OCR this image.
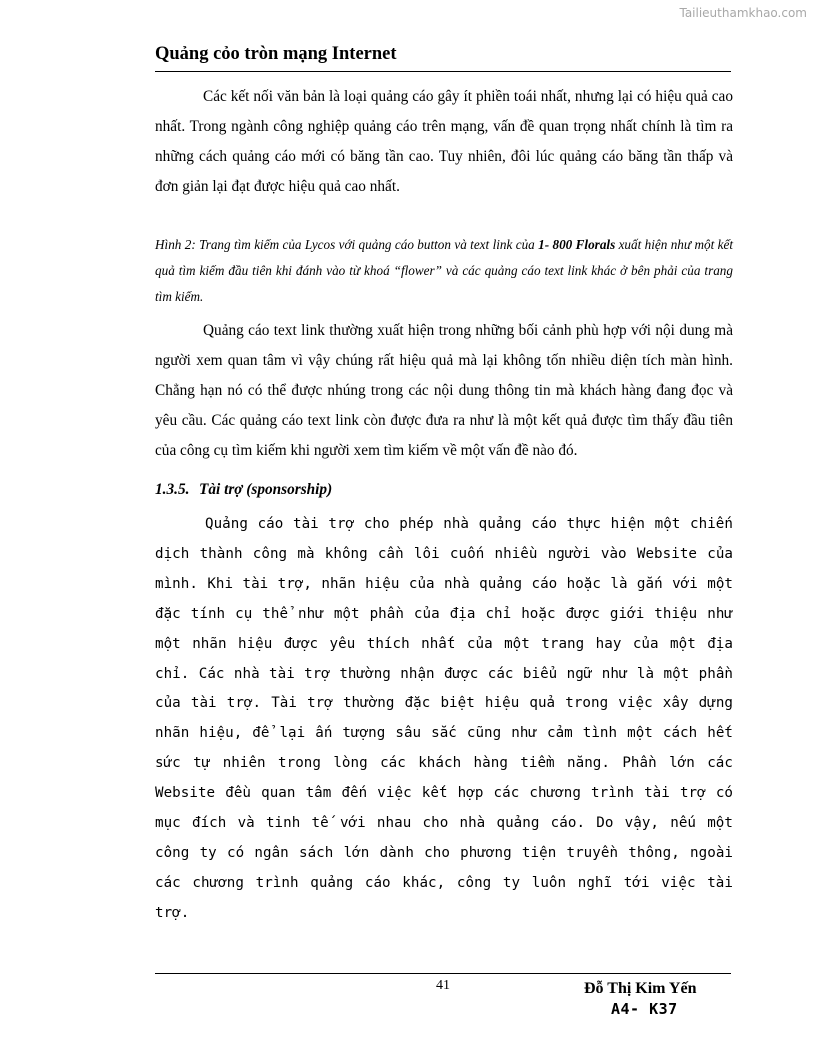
Tailieuthamkhao.com
Quảng cỏo tròn mạng Internet

Các kết nối văn bản là loại quảng cáo gây ít phiền toái nhất, nhưng lại có hiệu quả cao nhất. Trong ngành công nghiệp quảng cáo trên mạng, vấn đề quan trọng nhất chính là tìm ra những cách quảng cáo mới có băng tần cao. Tuy nhiên, đôi lúc quảng cáo băng tần thấp và đơn giản lại đạt được hiệu quả cao nhất.

Hình 2: Trang tìm kiếm của Lycos với quảng cáo button và text link của 1- 800 Florals xuất hiện như một kết quả tìm kiếm đầu tiên khi đánh vào từ khoá “flower” và các quảng cáo text link khác ở bên phải của trang tìm kiếm.

Quảng cáo text link thường xuất hiện trong những bối cảnh phù hợp với nội dung mà người xem quan tâm vì vậy chúng rất hiệu quả mà lại không tốn nhiều diện tích màn hình. Chẳng hạn nó có thể được nhúng trong các nội dung thông tin mà khách hàng đang đọc và yêu cầu. Các quảng cáo text link còn được đưa ra như là một kết quả được tìm thấy đầu tiên của công cụ tìm kiếm khi người xem tìm kiếm về một vấn đề nào đó.

1.3.5. Tài trợ (sponsorship)

Quảng cáo tài trợ cho phép nhà quảng cáo thực hiện một chiến dịch thành công mà không cần lôi cuốn nhiều người vào Website của mình. Khi tài trợ, nhãn hiệu của nhà quảng cáo hoặc là gắn với một đặc tính cụ thể như một phần của địa chỉ hoặc được giới thiệu như một nhãn hiệu được yêu thích nhất của một trang hay của một địa chỉ. Các nhà tài trợ thường nhận được các biểu ngữ như là một phần của tài trợ. Tài trợ thường đặc biệt hiệu quả trong việc xây dựng nhãn hiệu, để lại ấn tượng sâu sắc cũng như cảm tình một cách hết sức tự nhiên trong lòng các khách hàng tiềm năng. Phần lớn các Website đều quan tâm đến việc kết hợp các chương trình tài trợ có mục đích và tinh tế với nhau cho nhà quảng cáo. Do vậy, nếu một công ty có ngân sách lớn dành cho phương tiện truyền thông, ngoài các chương trình quảng cáo khác, công ty luôn nghĩ tới việc tài trợ.

41	Đỗ Thị Kim Yến
A4- K37
